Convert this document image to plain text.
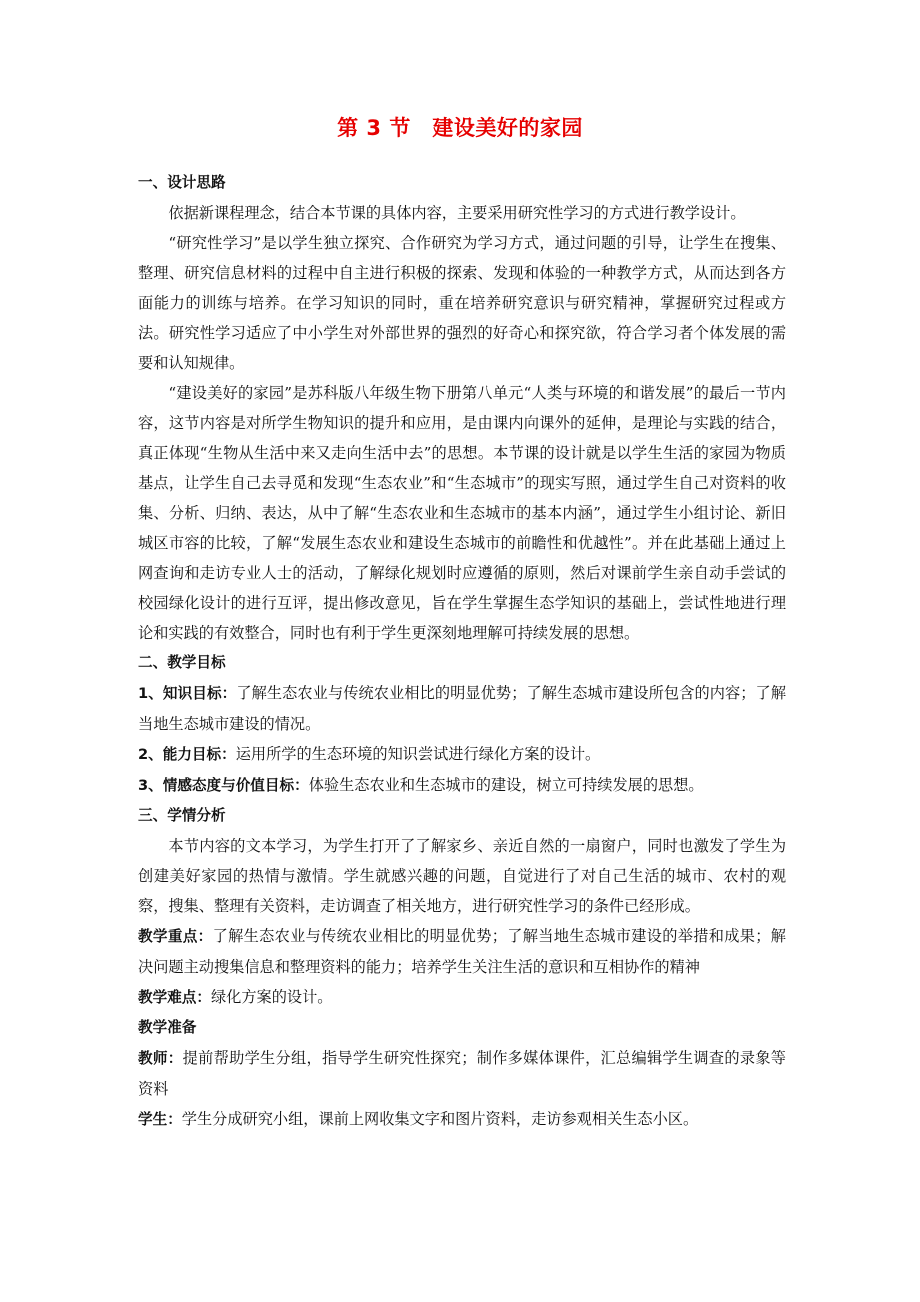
第 3 节　建设美好的家园
一、设计思路

依据新课程理念，结合本节课的具体内容，主要采用研究性学习的方式进行教学设计。

“研究性学习”是以学生独立探究、合作研究为学习方式，通过问题的引导，让学生在搜集、整理、研究信息材料的过程中自主进行积极的探索、发现和体验的一种教学方式，从而达到各方面能力的训练与培养。在学习知识的同时，重在培养研究意识与研究精神，掌握研究过程或方法。研究性学习适应了中小学生对外部世界的强烈的好奇心和探究欲，符合学习者个体发展的需要和认知规律。

“建设美好的家园”是苏科版八年级生物下册第八单元“人类与环境的和谐发展”的最后一节内容，这节内容是对所学生物知识的提升和应用，是由课内向课外的延伸，是理论与实践的结合，真正体现“生物从生活中来又走向生活中去”的思想。本节课的设计就是以学生生活的家园为物质基点，让学生自己去寻觅和发现“生态农业”和“生态城市”的现实写照，通过学生自己对资料的收集、分析、归纳、表达，从中了解“生态农业和生态城市的基本内涵”，通过学生小组讨论、新旧城区市容的比较，了解“发展生态农业和建设生态城市的前瞻性和优越性”。并在此基础上通过上网查询和走访专业人士的活动，了解绿化规划时应遵循的原则，然后对课前学生亲自动手尝试的校园绿化设计的进行互评，提出修改意见，旨在学生掌握生态学知识的基础上，尝试性地进行理论和实践的有效整合，同时也有利于学生更深刻地理解可持续发展的思想。

二、教学目标

1、知识目标：了解生态农业与传统农业相比的明显优势；了解生态城市建设所包含的内容；了解当地生态城市建设的情况。

2、能力目标：运用所学的生态环境的知识尝试进行绿化方案的设计。

3、情感态度与价值目标：体验生态农业和生态城市的建设，树立可持续发展的思想。

三、学情分析

本节内容的文本学习，为学生打开了了解家乡、亲近自然的一扇窗户，同时也激发了学生为创建美好家园的热情与激情。学生就感兴趣的问题，自觉进行了对自己生活的城市、农村的观察，搜集、整理有关资料，走访调查了相关地方，进行研究性学习的条件已经形成。

教学重点：了解生态农业与传统农业相比的明显优势；了解当地生态城市建设的举措和成果；解决问题主动搜集信息和整理资料的能力；培养学生关注生活的意识和互相协作的精神

教学难点：绿化方案的设计。

教学准备

教师：提前帮助学生分组，指导学生研究性探究；制作多媒体课件，汇总编辑学生调查的录象等资料

学生：学生分成研究小组，课前上网收集文字和图片资料，走访参观相关生态小区。
